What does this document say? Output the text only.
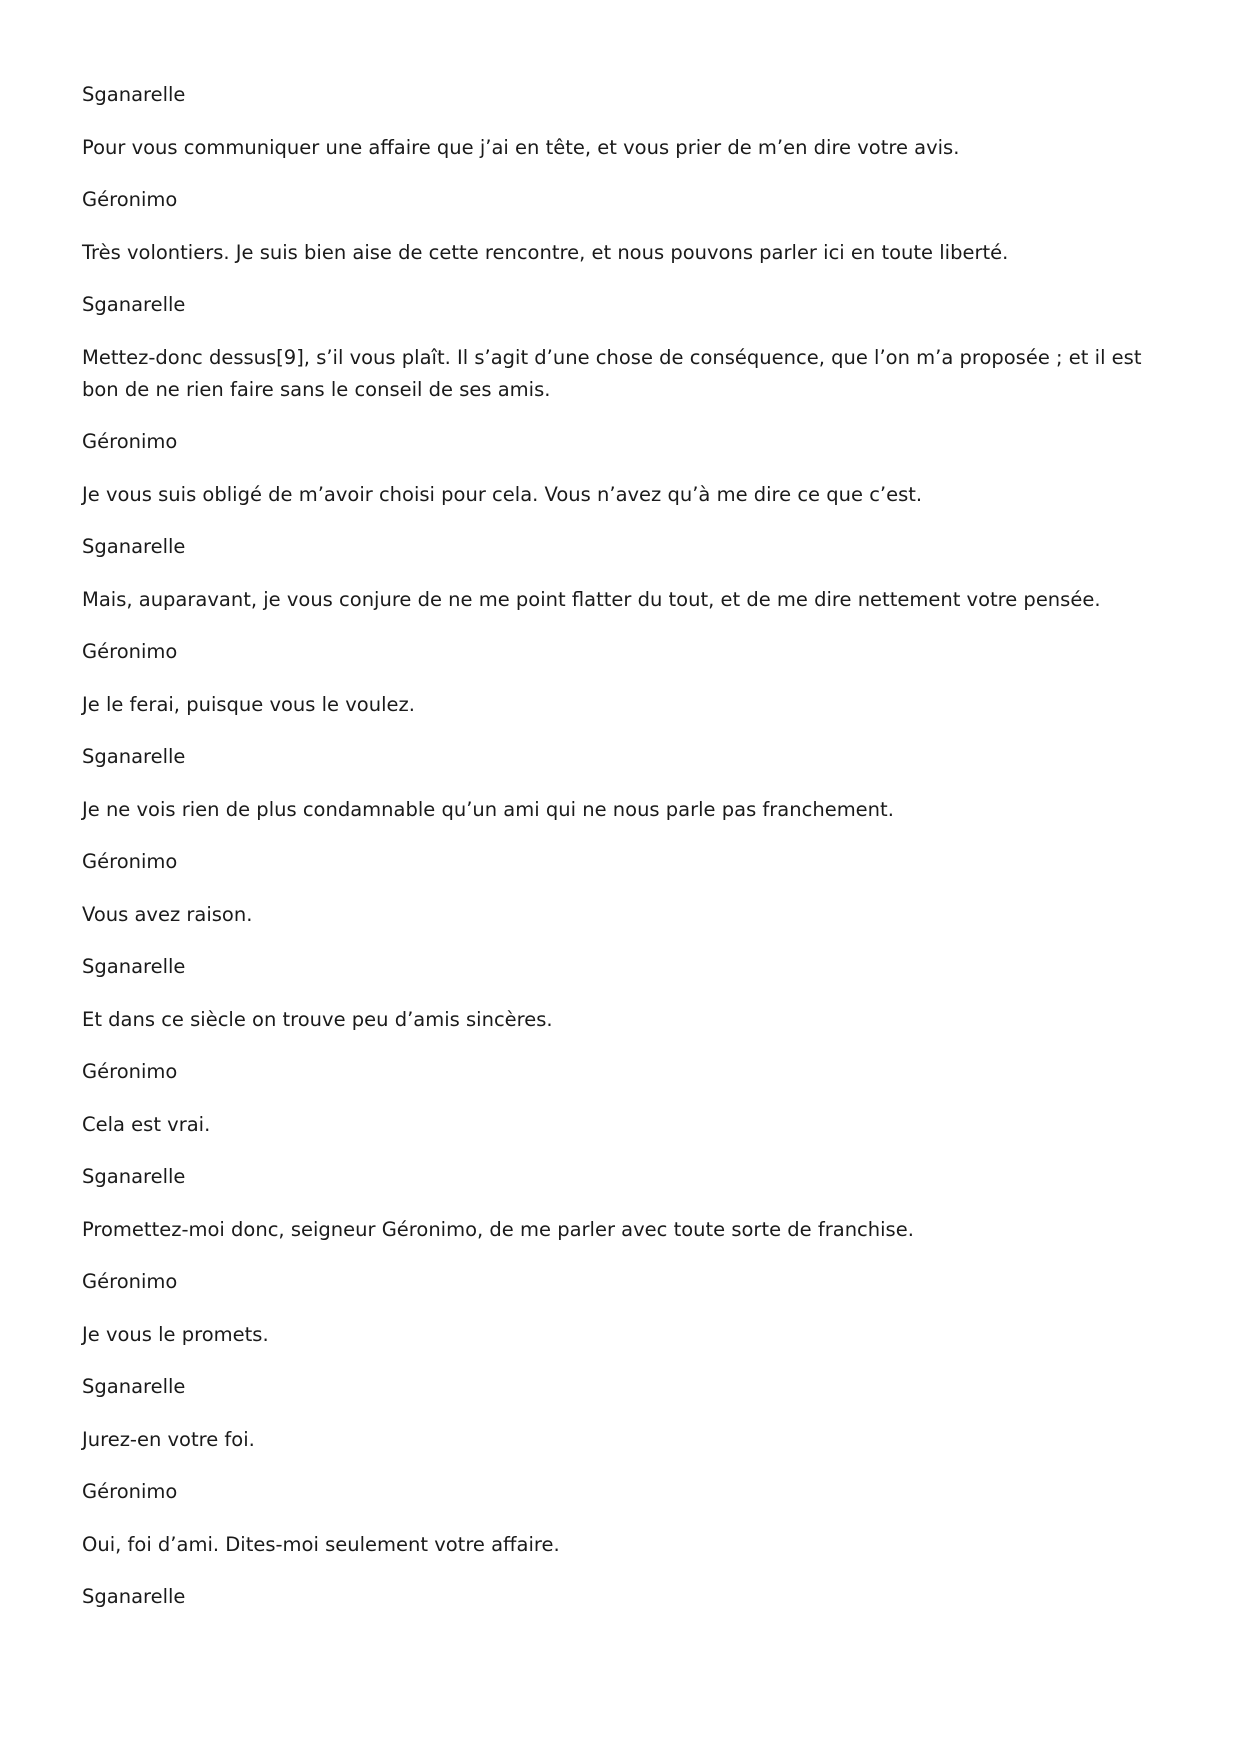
Sganarelle

Pour vous communiquer une affaire que j’ai en tête, et vous prier de m’en dire votre avis.

Géronimo

Très volontiers. Je suis bien aise de cette rencontre, et nous pouvons parler ici en toute liberté.

Sganarelle

Mettez-donc dessus[9], s’il vous plaît. Il s’agit d’une chose de conséquence, que l’on m’a proposée ; et il est bon de ne rien faire sans le conseil de ses amis.

Géronimo

Je vous suis obligé de m’avoir choisi pour cela. Vous n’avez qu’à me dire ce que c’est.

Sganarelle

Mais, auparavant, je vous conjure de ne me point flatter du tout, et de me dire nettement votre pensée.

Géronimo

Je le ferai, puisque vous le voulez.

Sganarelle

Je ne vois rien de plus condamnable qu’un ami qui ne nous parle pas franchement.

Géronimo

Vous avez raison.

Sganarelle

Et dans ce siècle on trouve peu d’amis sincères.

Géronimo

Cela est vrai.

Sganarelle

Promettez-moi donc, seigneur Géronimo, de me parler avec toute sorte de franchise.

Géronimo

Je vous le promets.

Sganarelle

Jurez-en votre foi.

Géronimo

Oui, foi d’ami. Dites-moi seulement votre affaire.

Sganarelle
